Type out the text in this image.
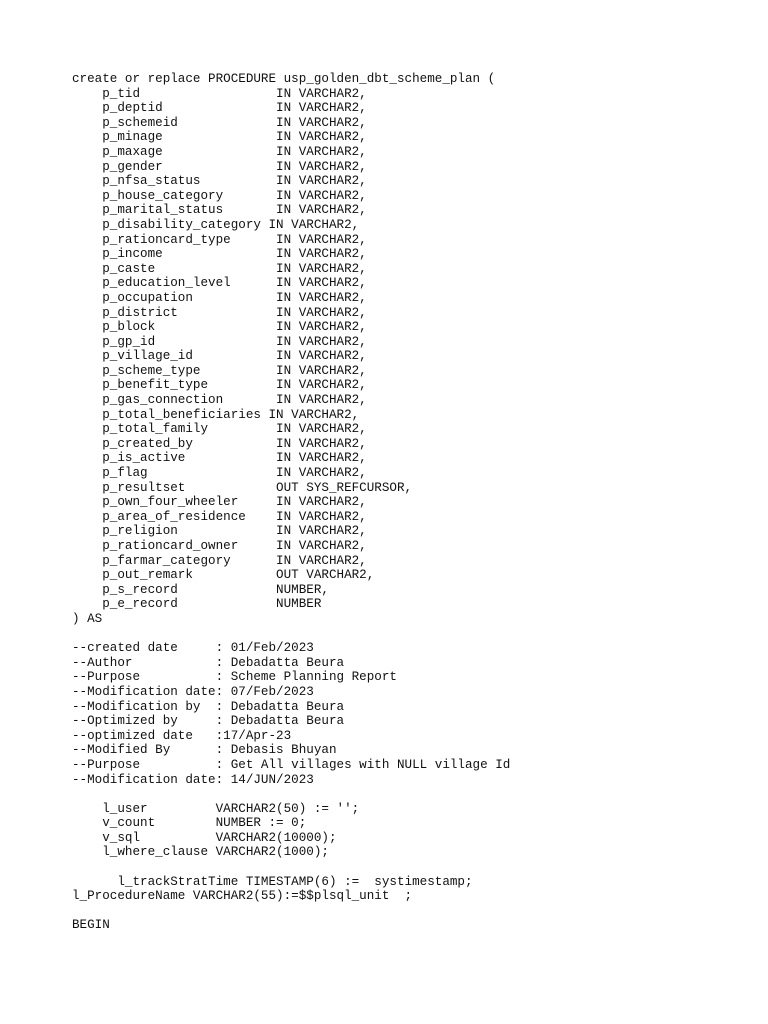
create or replace PROCEDURE usp_golden_dbt_scheme_plan (
p_tid                  IN VARCHAR2,
p_deptid               IN VARCHAR2,
p_schemeid             IN VARCHAR2,
p_minage               IN VARCHAR2,
p_maxage               IN VARCHAR2,
p_gender               IN VARCHAR2,
p_nfsa_status          IN VARCHAR2,
p_house_category       IN VARCHAR2,
p_marital_status       IN VARCHAR2,
p_disability_category IN VARCHAR2,
p_rationcard_type      IN VARCHAR2,
p_income               IN VARCHAR2,
p_caste                IN VARCHAR2,
p_education_level      IN VARCHAR2,
p_occupation           IN VARCHAR2,
p_district             IN VARCHAR2,
p_block                IN VARCHAR2,
p_gp_id                IN VARCHAR2,
p_village_id           IN VARCHAR2,
p_scheme_type          IN VARCHAR2,
p_benefit_type         IN VARCHAR2,
p_gas_connection       IN VARCHAR2,
p_total_beneficiaries IN VARCHAR2,
p_total_family         IN VARCHAR2,
p_created_by           IN VARCHAR2,
p_is_active            IN VARCHAR2,
p_flag                 IN VARCHAR2,
p_resultset            OUT SYS_REFCURSOR,
p_own_four_wheeler     IN VARCHAR2,
p_area_of_residence    IN VARCHAR2,
p_religion             IN VARCHAR2,
p_rationcard_owner     IN VARCHAR2,
p_farmar_category      IN VARCHAR2,
p_out_remark           OUT VARCHAR2,
p_s_record             NUMBER,
p_e_record             NUMBER
) AS
--created date     : 01/Feb/2023
--Author           : Debadatta Beura
--Purpose          : Scheme Planning Report
--Modification date: 07/Feb/2023
--Modification by  : Debadatta Beura
--Optimized by     : Debadatta Beura
--optimized date   :17/Apr-23
--Modified By      : Debasis Bhuyan
--Purpose          : Get All villages with NULL village Id
--Modification date: 14/JUN/2023
l_user         VARCHAR2(50) := '';
v_count        NUMBER := 0;
v_sql          VARCHAR2(10000);
l_where_clause VARCHAR2(1000);
l_trackStratTime TIMESTAMP(6) :=  systimestamp;
l_ProcedureName VARCHAR2(55):=$$plsql_unit  ;
BEGIN
